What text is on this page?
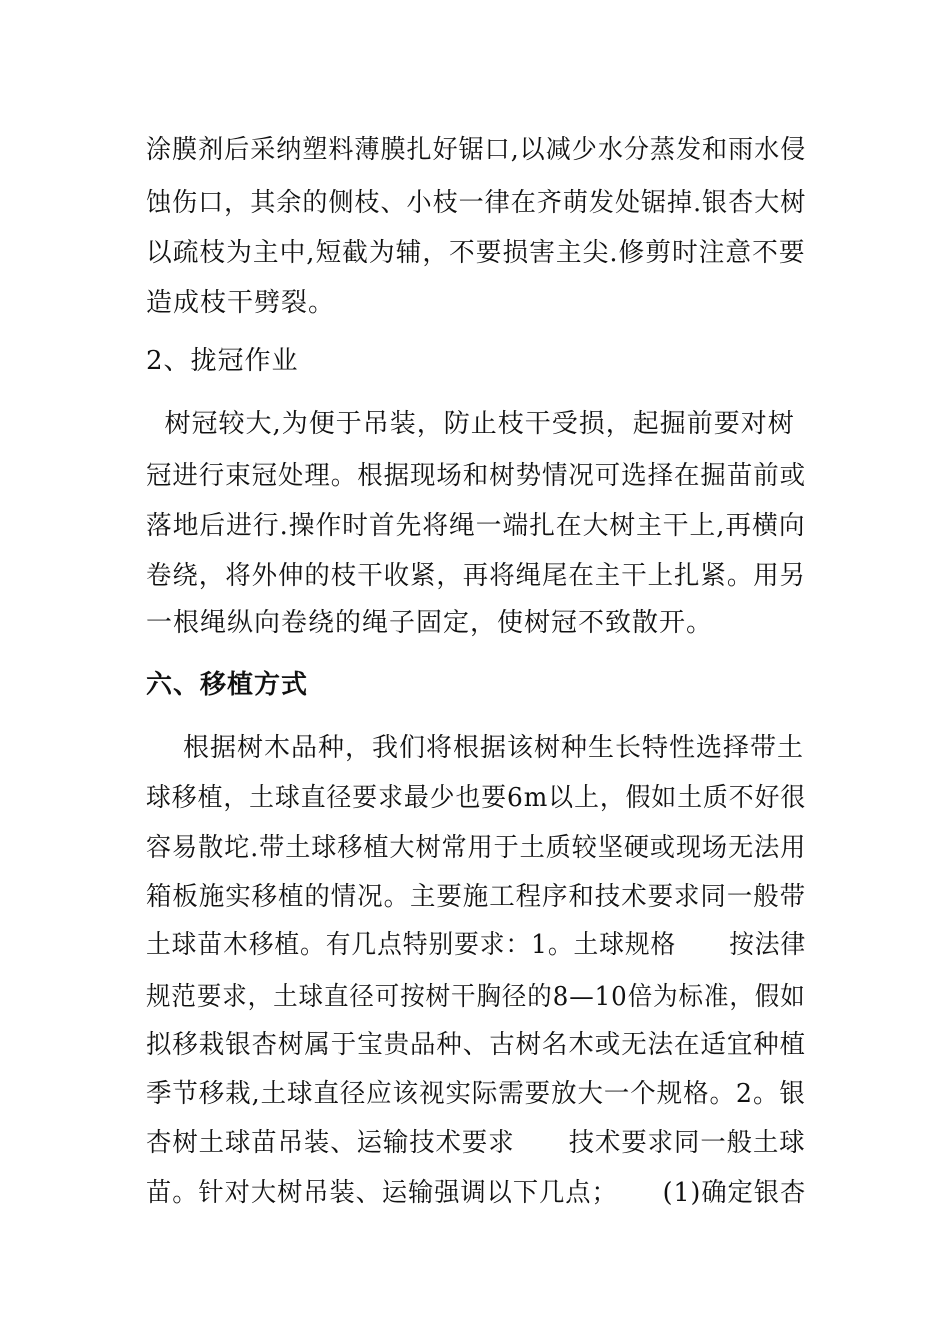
涂膜剂后采纳塑料薄膜扎好锯口,以减少水分蒸发和雨水侵
蚀伤口，其余的侧枝、小枝一律在齐萌发处锯掉.银杏大树
以疏枝为主中,短截为辅，不要损害主尖.修剪时注意不要
造成枝干劈裂。
2、拢冠作业
树冠较大,为便于吊装，防止枝干受损，起掘前要对树
冠进行束冠处理。根据现场和树势情况可选择在掘苗前或
落地后进行.操作时首先将绳一端扎在大树主干上,再横向
卷绕，将外伸的枝干收紧，再将绳尾在主干上扎紧。用另
一根绳纵向卷绕的绳子固定，使树冠不致散开。
六、移植方式
根据树木品种，我们将根据该树种生长特性选择带土
球移植，土球直径要求最少也要6m以上，假如土质不好很
容易散坨.带土球移植大树常用于土质较坚硬或现场无法用
箱板施实移植的情况。主要施工程序和技术要求同一般带
土球苗木移植。有几点特别要求：1。土球规格      按法律
规范要求，土球直径可按树干胸径的8—10倍为标准，假如
拟移栽银杏树属于宝贵品种、古树名木或无法在适宜种植
季节移栽,土球直径应该视实际需要放大一个规格。2。银
杏树土球苗吊装、运输技术要求      技术要求同一般土球
苗。针对大树吊装、运输强调以下几点；     (1)确定银杏
